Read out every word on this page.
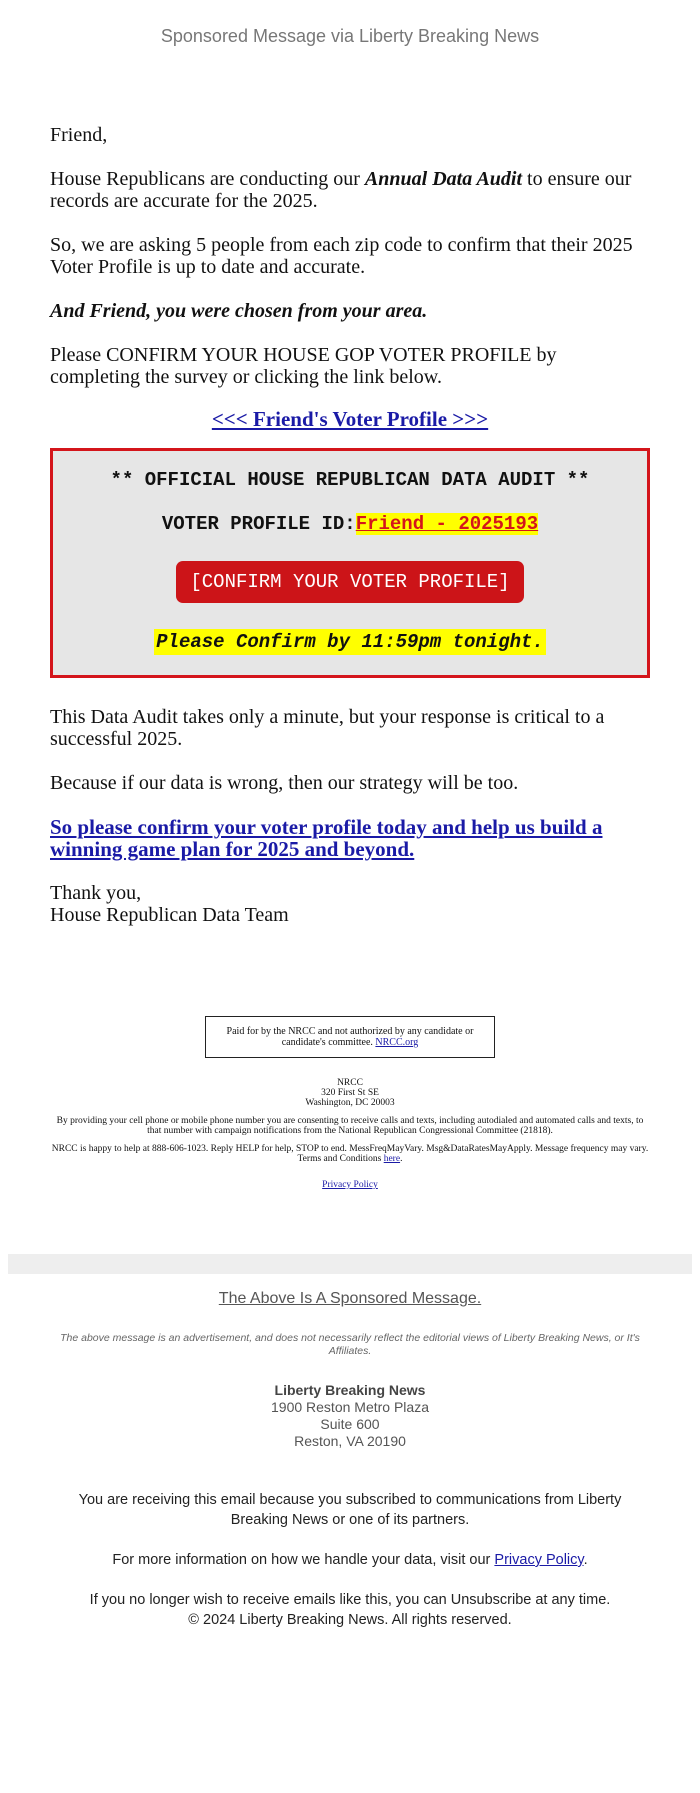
Sponsored Message via Liberty Breaking News

Friend,

House Republicans are conducting our Annual Data Audit to ensure our records are accurate for the 2025.

So, we are asking 5 people from each zip code to confirm that their 2025 Voter Profile is up to date and accurate.

And Friend, you were chosen from your area.

Please CONFIRM YOUR HOUSE GOP VOTER PROFILE by completing the survey or clicking the link below.

<<< Friend's Voter Profile >>>

** OFFICIAL HOUSE REPUBLICAN DATA AUDIT **
VOTER PROFILE ID:Friend - 2025193
[CONFIRM YOUR VOTER PROFILE]
Please Confirm by 11:59pm tonight.

This Data Audit takes only a minute, but your response is critical to a successful 2025.

Because if our data is wrong, then our strategy will be too.

So please confirm your voter profile today and help us build a winning game plan for 2025 and beyond.

Thank you,
House Republican Data Team

Paid for by the NRCC and not authorized by any candidate or candidate's committee. NRCC.org
NRCC
320 First St SE
Washington, DC 20003

By providing your cell phone or mobile phone number you are consenting to receive calls and texts, including autodialed and automated calls and texts, to that number with campaign notifications from the National Republican Congressional Committee (21818).

NRCC is happy to help at 888-606-1023. Reply HELP for help, STOP to end. MessFreqMayVary. Msg&DataRatesMayApply. Message frequency may vary. Terms and Conditions here.

Privacy Policy

The Above Is A Sponsored Message.
The above message is an advertisement, and does not necessarily reflect the editorial views of Liberty Breaking News, or It's Affiliates.
Liberty Breaking News
1900 Reston Metro Plaza
Suite 600
Reston, VA 20190

You are receiving this email because you subscribed to communications from Liberty Breaking News or one of its partners.

For more information on how we handle your data, visit our Privacy Policy.

If you no longer wish to receive emails like this, you can Unsubscribe at any time.

© 2024 Liberty Breaking News. All rights reserved.
